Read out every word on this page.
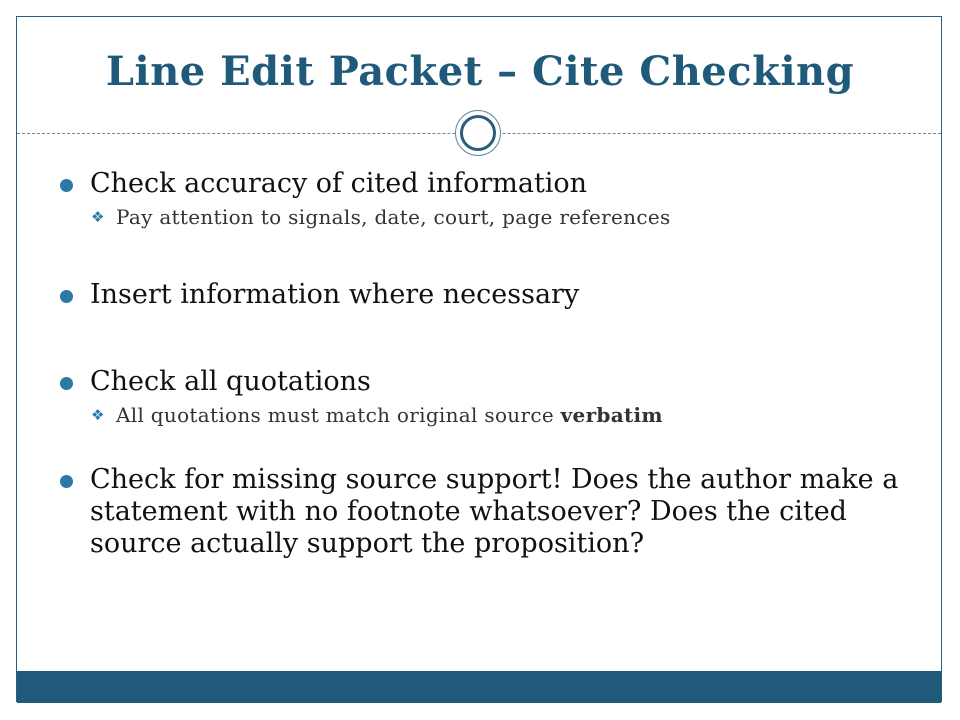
Line Edit Packet – Cite Checking
Check accuracy of cited information
❖ Pay attention to signals, date, court, page references
Insert information where necessary
Check all quotations
❖ All quotations must match original source verbatim
Check for missing source support! Does the author make a statement with no footnote whatsoever? Does the cited source actually support the proposition?
